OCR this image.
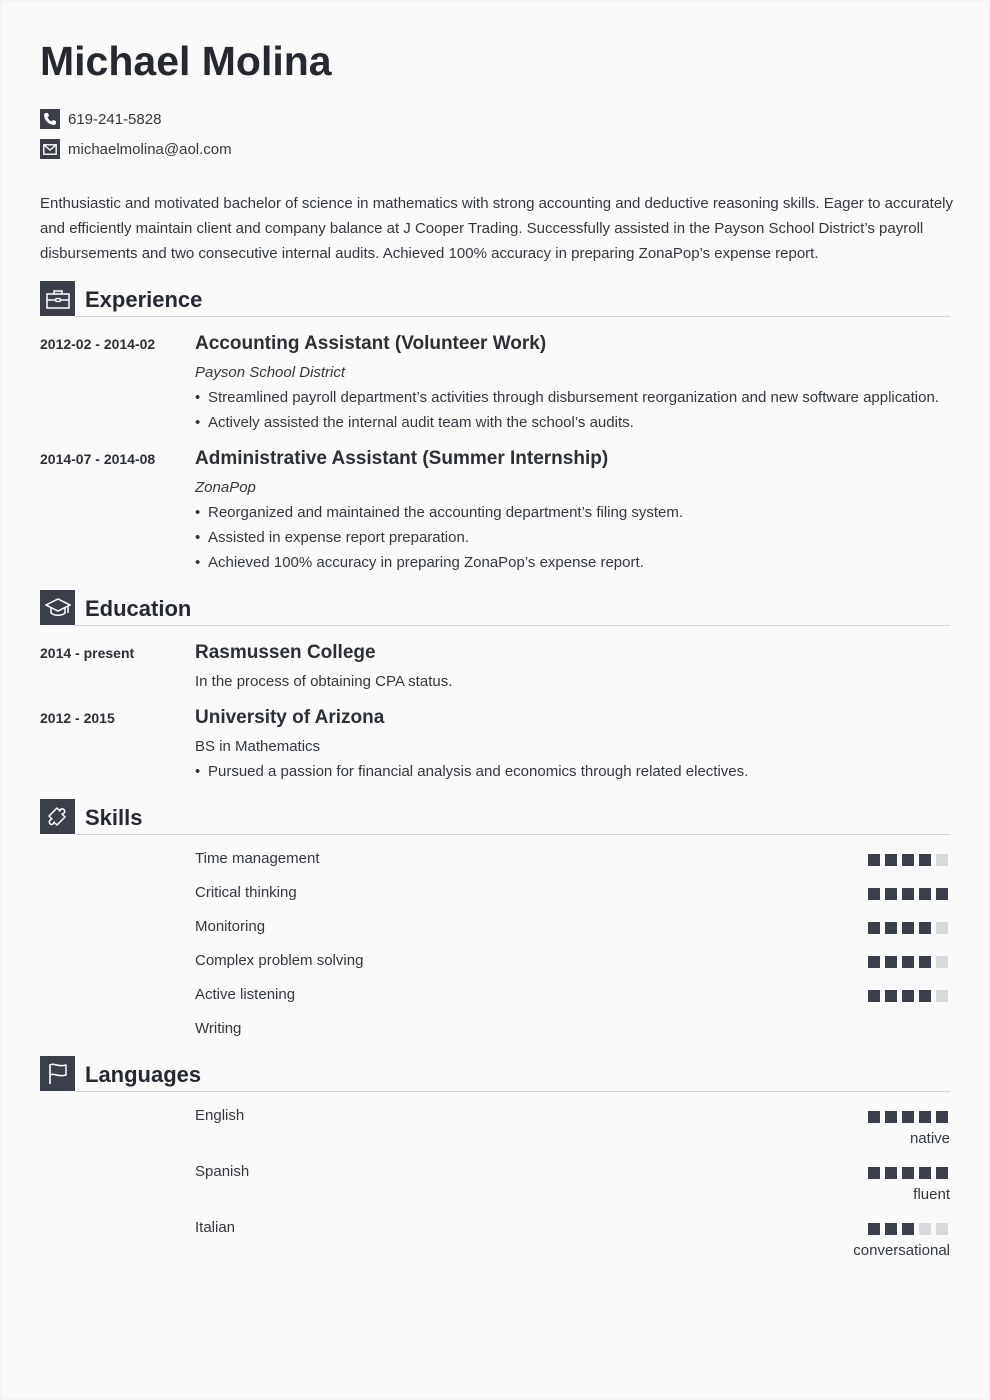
Michael Molina
619-241-5828
michaelmolina@aol.com

Enthusiastic and motivated bachelor of science in mathematics with strong accounting and deductive reasoning skills. Eager to accurately and efficiently maintain client and company balance at J Cooper Trading. Successfully assisted in the Payson School District’s payroll disbursements and two consecutive internal audits. Achieved 100% accuracy in preparing ZonaPop’s expense report.

Experience
2012-02 - 2014-02 Accounting Assistant (Volunteer Work)
Payson School District
• Streamlined payroll department’s activities through disbursement reorganization and new software application.
• Actively assisted the internal audit team with the school’s audits.
2014-07 - 2014-08 Administrative Assistant (Summer Internship)
ZonaPop
• Reorganized and maintained the accounting department’s filing system.
• Assisted in expense report preparation.
• Achieved 100% accuracy in preparing ZonaPop’s expense report.
Education
2014 - present	Rasmussen College
In the process of obtaining CPA status.
2012 - 2015	University of Arizona
BS in Mathematics
• Pursued a passion for financial analysis and economics through related electives.
Skills
Time management
Critical thinking
Monitoring
Complex problem solving
Active listening
Writing
Languages
English
native
Spanish
fluent
Italian
conversational
